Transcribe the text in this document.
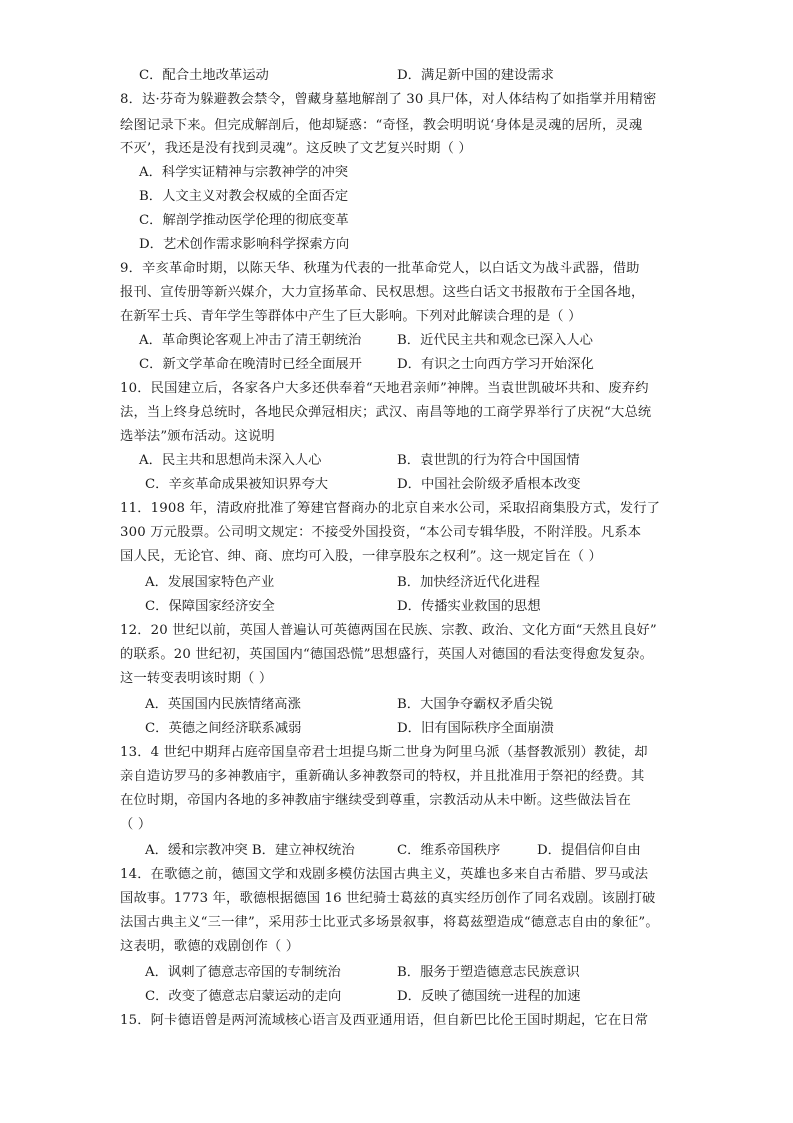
C．配合土地改革运动	D．满足新中国的建设需求
8．达·芬奇为躲避教会禁令，曾藏身墓地解剖了 30 具尸体，对人体结构了如指掌并用精密
绘图记录下来。但完成解剖后，他却疑惑：“奇怪，教会明明说‘身体是灵魂的居所，灵魂
不灭’，我还是没有找到灵魂”。这反映了文艺复兴时期（ ）
A．科学实证精神与宗教神学的冲突
B．人文主义对教会权威的全面否定
C．解剖学推动医学伦理的彻底变革
D．艺术创作需求影响科学探索方向
9．辛亥革命时期，以陈天华、秋瑾为代表的一批革命党人，以白话文为战斗武器，借助
报刊、宣传册等新兴媒介，大力宣扬革命、民权思想。这些白话文书报散布于全国各地，
在新军士兵、青年学生等群体中产生了巨大影响。下列对此解读合理的是（ ）
A．革命舆论客观上冲击了清王朝统治	B．近代民主共和观念已深入人心
C．新文学革命在晚清时已经全面展开	D．有识之士向西方学习开始深化
10．民国建立后，各家各户大多还供奉着“天地君亲师”神牌。当袁世凯破坏共和、废弃约
法，当上终身总统时，各地民众弹冠相庆；武汉、南昌等地的工商学界举行了庆祝“大总统
选举法”颁布活动。这说明
A．民主共和思想尚未深入人心	B．袁世凯的行为符合中国国情
C．辛亥革命成果被知识界夸大	D．中国社会阶级矛盾根本改变
11．1908 年，清政府批准了筹建官督商办的北京自来水公司，采取招商集股方式，发行了
300 万元股票。公司明文规定：不接受外国投资，“本公司专辑华股，不附洋股。凡系本
国人民，无论官、绅、商、庶均可入股，一律享股东之权利”。这一规定旨在（ ）
A．发展国家特色产业	B．加快经济近代化进程
C．保障国家经济安全	D．传播实业救国的思想
12．20 世纪以前，英国人普遍认可英德两国在民族、宗教、政治、文化方面“天然且良好”
的联系。20 世纪初，英国国内“德国恐慌”思想盛行，英国人对德国的看法变得愈发复杂。
这一转变表明该时期（ ）
A．英国国内民族情绪高涨	B．大国争夺霸权矛盾尖锐
C．英德之间经济联系减弱	D．旧有国际秩序全面崩溃
13．4 世纪中期拜占庭帝国皇帝君士坦提乌斯二世身为阿里乌派（基督教派别）教徒，却
亲自造访罗马的多神教庙宇，重新确认多神教祭司的特权，并且批准用于祭祀的经费。其
在位时期，帝国内各地的多神教庙宇继续受到尊重，宗教活动从未中断。这些做法旨在
（ ）
A．缓和宗教冲突 B．建立神权统治	C．维系帝国秩序	D．提倡信仰自由
14．在歌德之前，德国文学和戏剧多模仿法国古典主义，英雄也多来自古希腊、罗马或法
国故事。1773 年，歌德根据德国 16 世纪骑士葛兹的真实经历创作了同名戏剧。该剧打破
法国古典主义“三一律”，采用莎士比亚式多场景叙事，将葛兹塑造成“德意志自由的象征”。
这表明，歌德的戏剧创作（ ）
A．讽刺了德意志帝国的专制统治	B．服务于塑造德意志民族意识
C．改变了德意志启蒙运动的走向	D．反映了德国统一进程的加速
15．阿卡德语曾是两河流域核心语言及西亚通用语，但自新巴比伦王国时期起，它在日常
